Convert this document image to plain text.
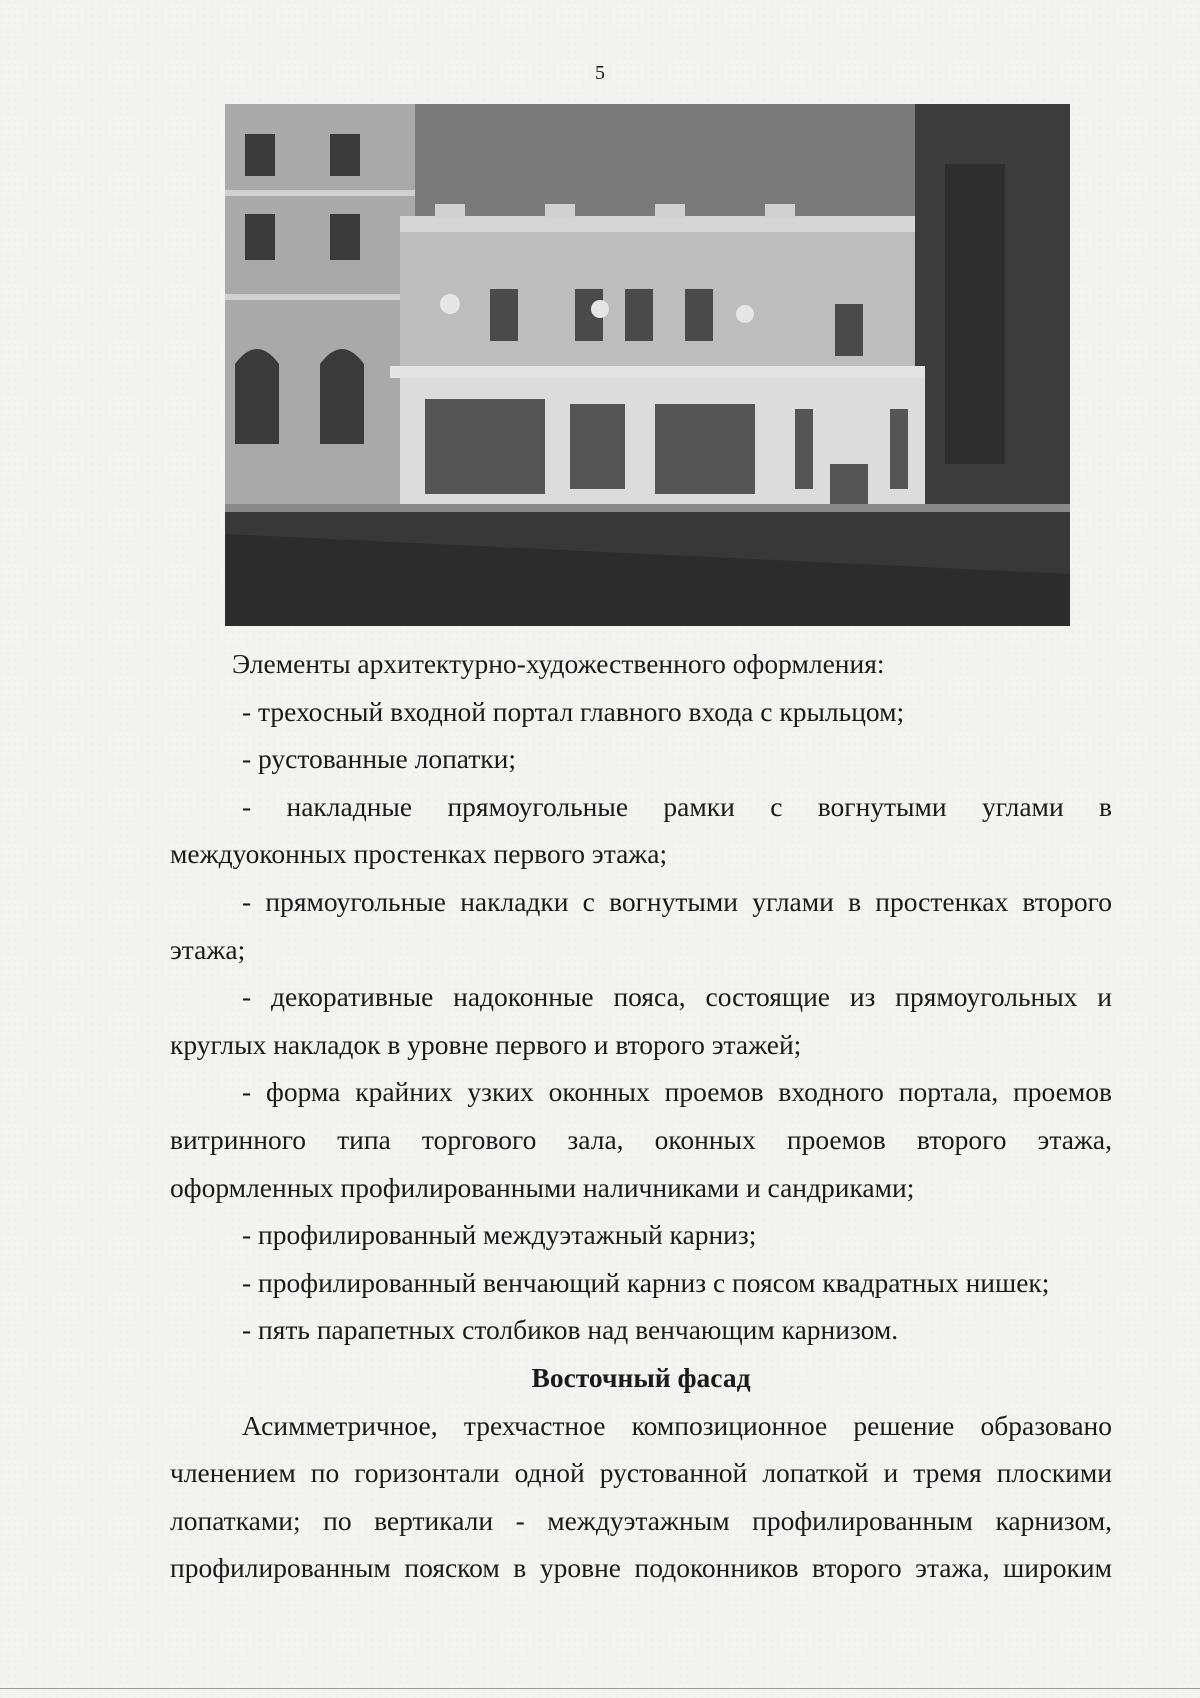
5
Элементы архитектурно-художественного оформления:
- трехосный входной портал главного входа с крыльцом;
- рустованные лопатки;
- накладные прямоугольные рамки с вогнутыми углами в
междуоконных простенках первого этажа;
- прямоугольные накладки с вогнутыми углами в простенках второго
этажа;
- декоративные надоконные пояса, состоящие из прямоугольных и
круглых накладок в уровне первого и второго этажей;
- форма крайних узких оконных проемов входного портала, проемов
витринного типа торгового зала, оконных проемов второго этажа,
оформленных профилированными наличниками и сандриками;
- профилированный междуэтажный карниз;
- профилированный венчающий карниз с поясом квадратных нишек;
- пять парапетных столбиков над венчающим карнизом.
Восточный фасад
Асимметричное, трехчастное композиционное решение образовано
членением по горизонтали одной рустованной лопаткой и тремя плоскими
лопатками; по вертикали - междуэтажным профилированным карнизом,
профилированным пояском в уровне подоконников второго этажа, широким
